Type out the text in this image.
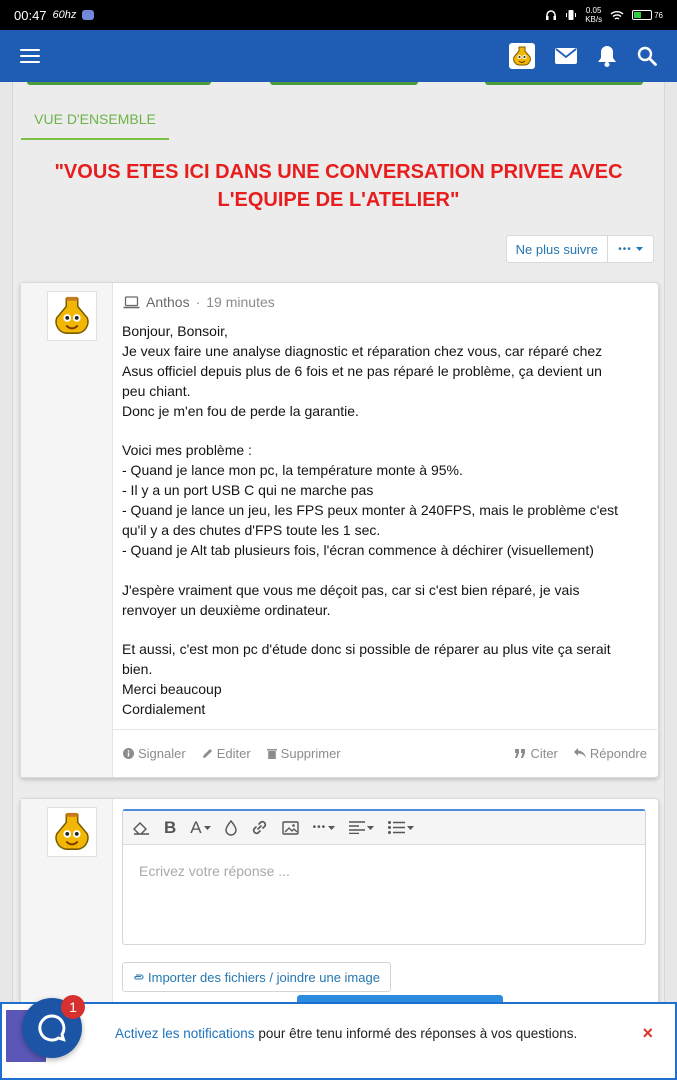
00:47 60hz	0.05
KB/s	76
VUE D'ENSEMBLE
"VOUS ETES ICI DANS UNE CONVERSATION PRIVEE AVEC
L'EQUIPE DE L'ATELIER"
Ne plus suivre	•••
Anthos · 19 minutes
Bonjour, Bonsoir,
Je veux faire une analyse diagnostic et réparation chez vous, car réparé chez
Asus officiel depuis plus de 6 fois et ne pas réparé le problème, ça devient un
peu chiant.
Donc je m'en fou de perde la garantie.
Voici mes problème :
- Quand je lance mon pc, la température monte à 95%.
- Il y a un port USB C qui ne marche pas
- Quand je lance un jeu, les FPS peux monter à 240FPS, mais le problème c'est
qu'il y a des chutes d'FPS toute les 1 sec.
- Quand je Alt tab plusieurs fois, l'écran commence à déchirer (visuellement)
J'espère vraiment que vous me déçoit pas, car si c'est bien réparé, je vais
renvoyer un deuxième ordinateur.
Et aussi, c'est mon pc d'étude donc si possible de réparer au plus vite ça serait
bien.
Merci beaucoup
Cordialement
Signaler Editer Supprimer	Citer Répondre
B A	•••
Ecrivez votre réponse ...
Importer des fichiers / joindre une image
Activez les notifications pour être tenu informé des réponses à vos questions.	×
1
